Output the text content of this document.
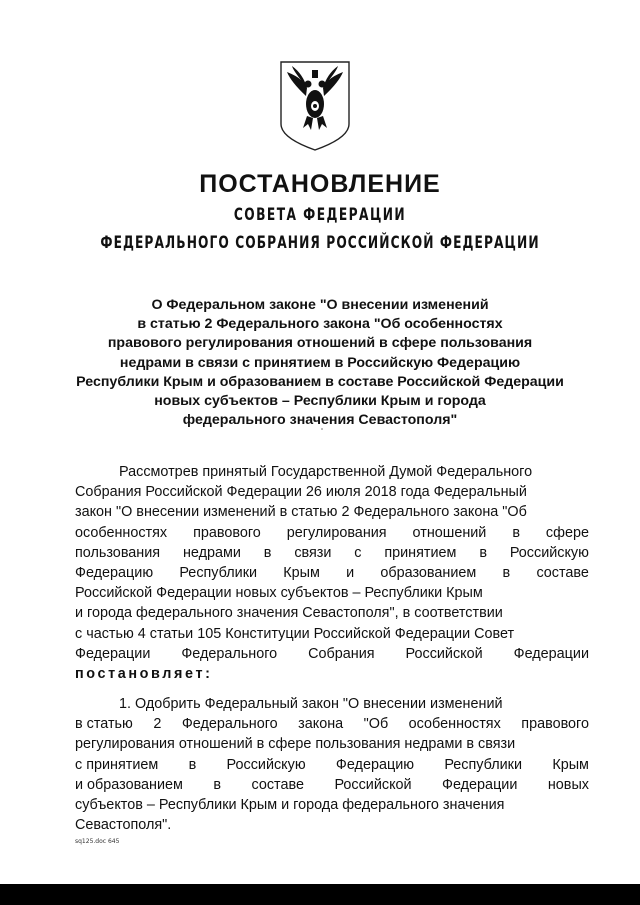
ПОСТАНОВЛЕНИЕ
СОВЕТА ФЕДЕРАЦИИ
ФЕДЕРАЛЬНОГО СОБРАНИЯ РОССИЙСКОЙ ФЕДЕРАЦИИ
О Федеральном законе "О внесении изменений
в статью 2 Федерального закона "Об особенностях
правового регулирования отношений в сфере пользования
недрами в связи с принятием в Российскую Федерацию
Республики Крым и образованием в составе Российской Федерации
новых субъектов – Республики Крым и города
федерального значения Севастополя"
Рассмотрев принятый Государственной Думой Федерального
Собрания Российской Федерации 26 июля 2018 года Федеральный
закон "О внесении изменений в статью 2 Федерального закона "Об
особенностях правового регулирования отношений в сфере
пользования недрами в связи с принятием в Российскую
Федерацию Республики Крым и образованием в составе
Российской Федерации новых субъектов – Республики Крым
и города федерального значения Севастополя", в соответствии
с частью 4 статьи 105 Конституции Российской Федерации Совет
Федерации Федерального Собрания Российской Федерации
постановляет:
1. Одобрить Федеральный закон "О внесении изменений
в статью 2 Федерального закона "Об особенностях правового
регулирования отношений в сфере пользования недрами в связи
с принятием в Российскую Федерацию Республики Крым
и образованием в составе Российской Федерации новых
субъектов – Республики Крым и города федерального значения
Севастополя".
sq125.doc 645
